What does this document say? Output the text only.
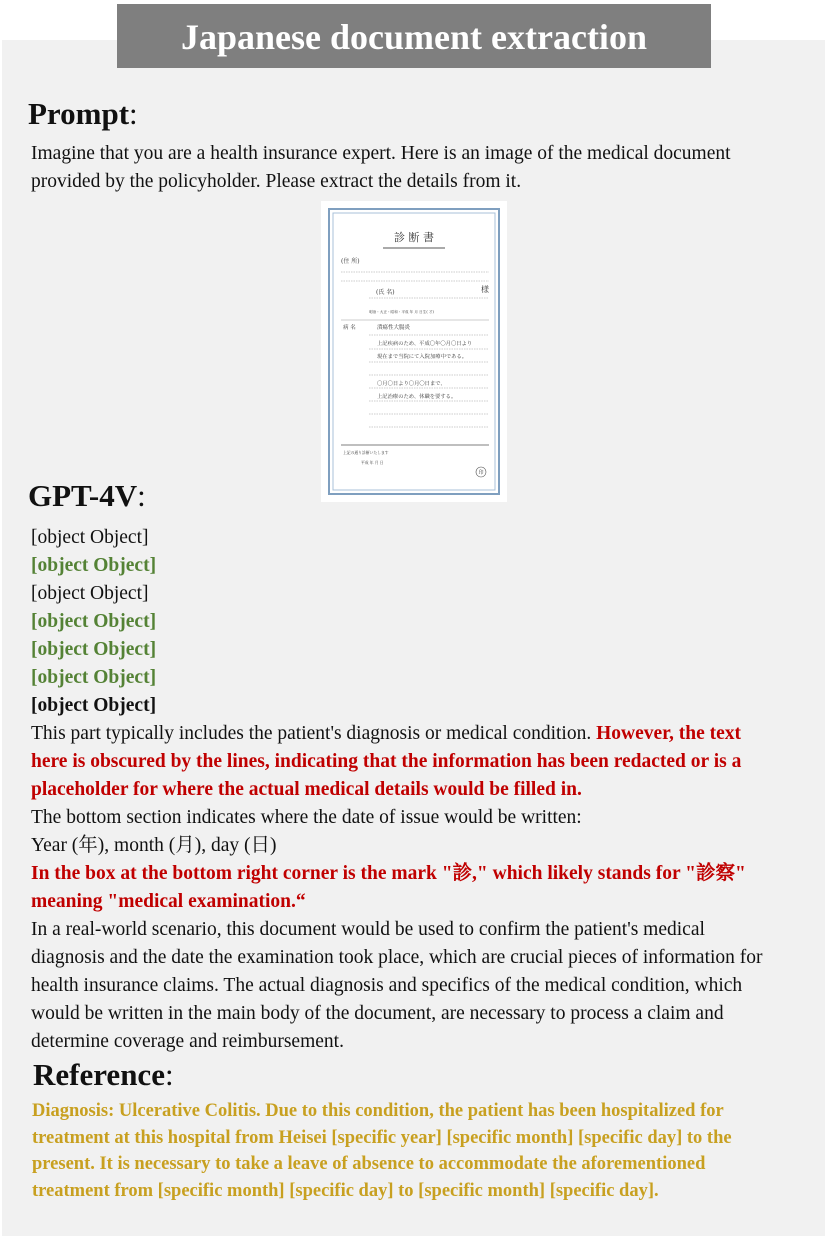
Japanese document extraction
Prompt:
Imagine that you are a health insurance expert. Here is an image of the medical document
provided by the policyholder. Please extract the details from it.
診 断 書
(住 所)
(氏 名)	様
明治・大正・昭和・平成 年 月 日生( 才)
病 名	潰瘍性大腸炎
上記疾病のため、平成〇年〇月〇日より
現在まで当院にて入院加療中である。
〇月〇日より〇月〇日まで、
上記治療のため、休職を要する。
上記の通り診断いたします
平成 年 月 日
印
GPT-4V:
[object Object]
[object Object]
[object Object]
[object Object]
[object Object]
[object Object]
[object Object]
This part typically includes the patient's diagnosis or medical condition. However, the text
here is obscured by the lines, indicating that the information has been redacted or is a
placeholder for where the actual medical details would be filled in.
The bottom section indicates where the date of issue would be written:
Year (年), month (月), day (日)
In the box at the bottom right corner is the mark "診," which likely stands for "診察"
meaning "medical examination.“
In a real-world scenario, this document would be used to confirm the patient's medical
diagnosis and the date the examination took place, which are crucial pieces of information for
health insurance claims. The actual diagnosis and specifics of the medical condition, which
would be written in the main body of the document, are necessary to process a claim and
determine coverage and reimbursement.
Reference:
Diagnosis: Ulcerative Colitis. Due to this condition, the patient has been hospitalized for
treatment at this hospital from Heisei [specific year] [specific month] [specific day] to the
present. It is necessary to take a leave of absence to accommodate the aforementioned
treatment from [specific month] [specific day] to [specific month] [specific day].
